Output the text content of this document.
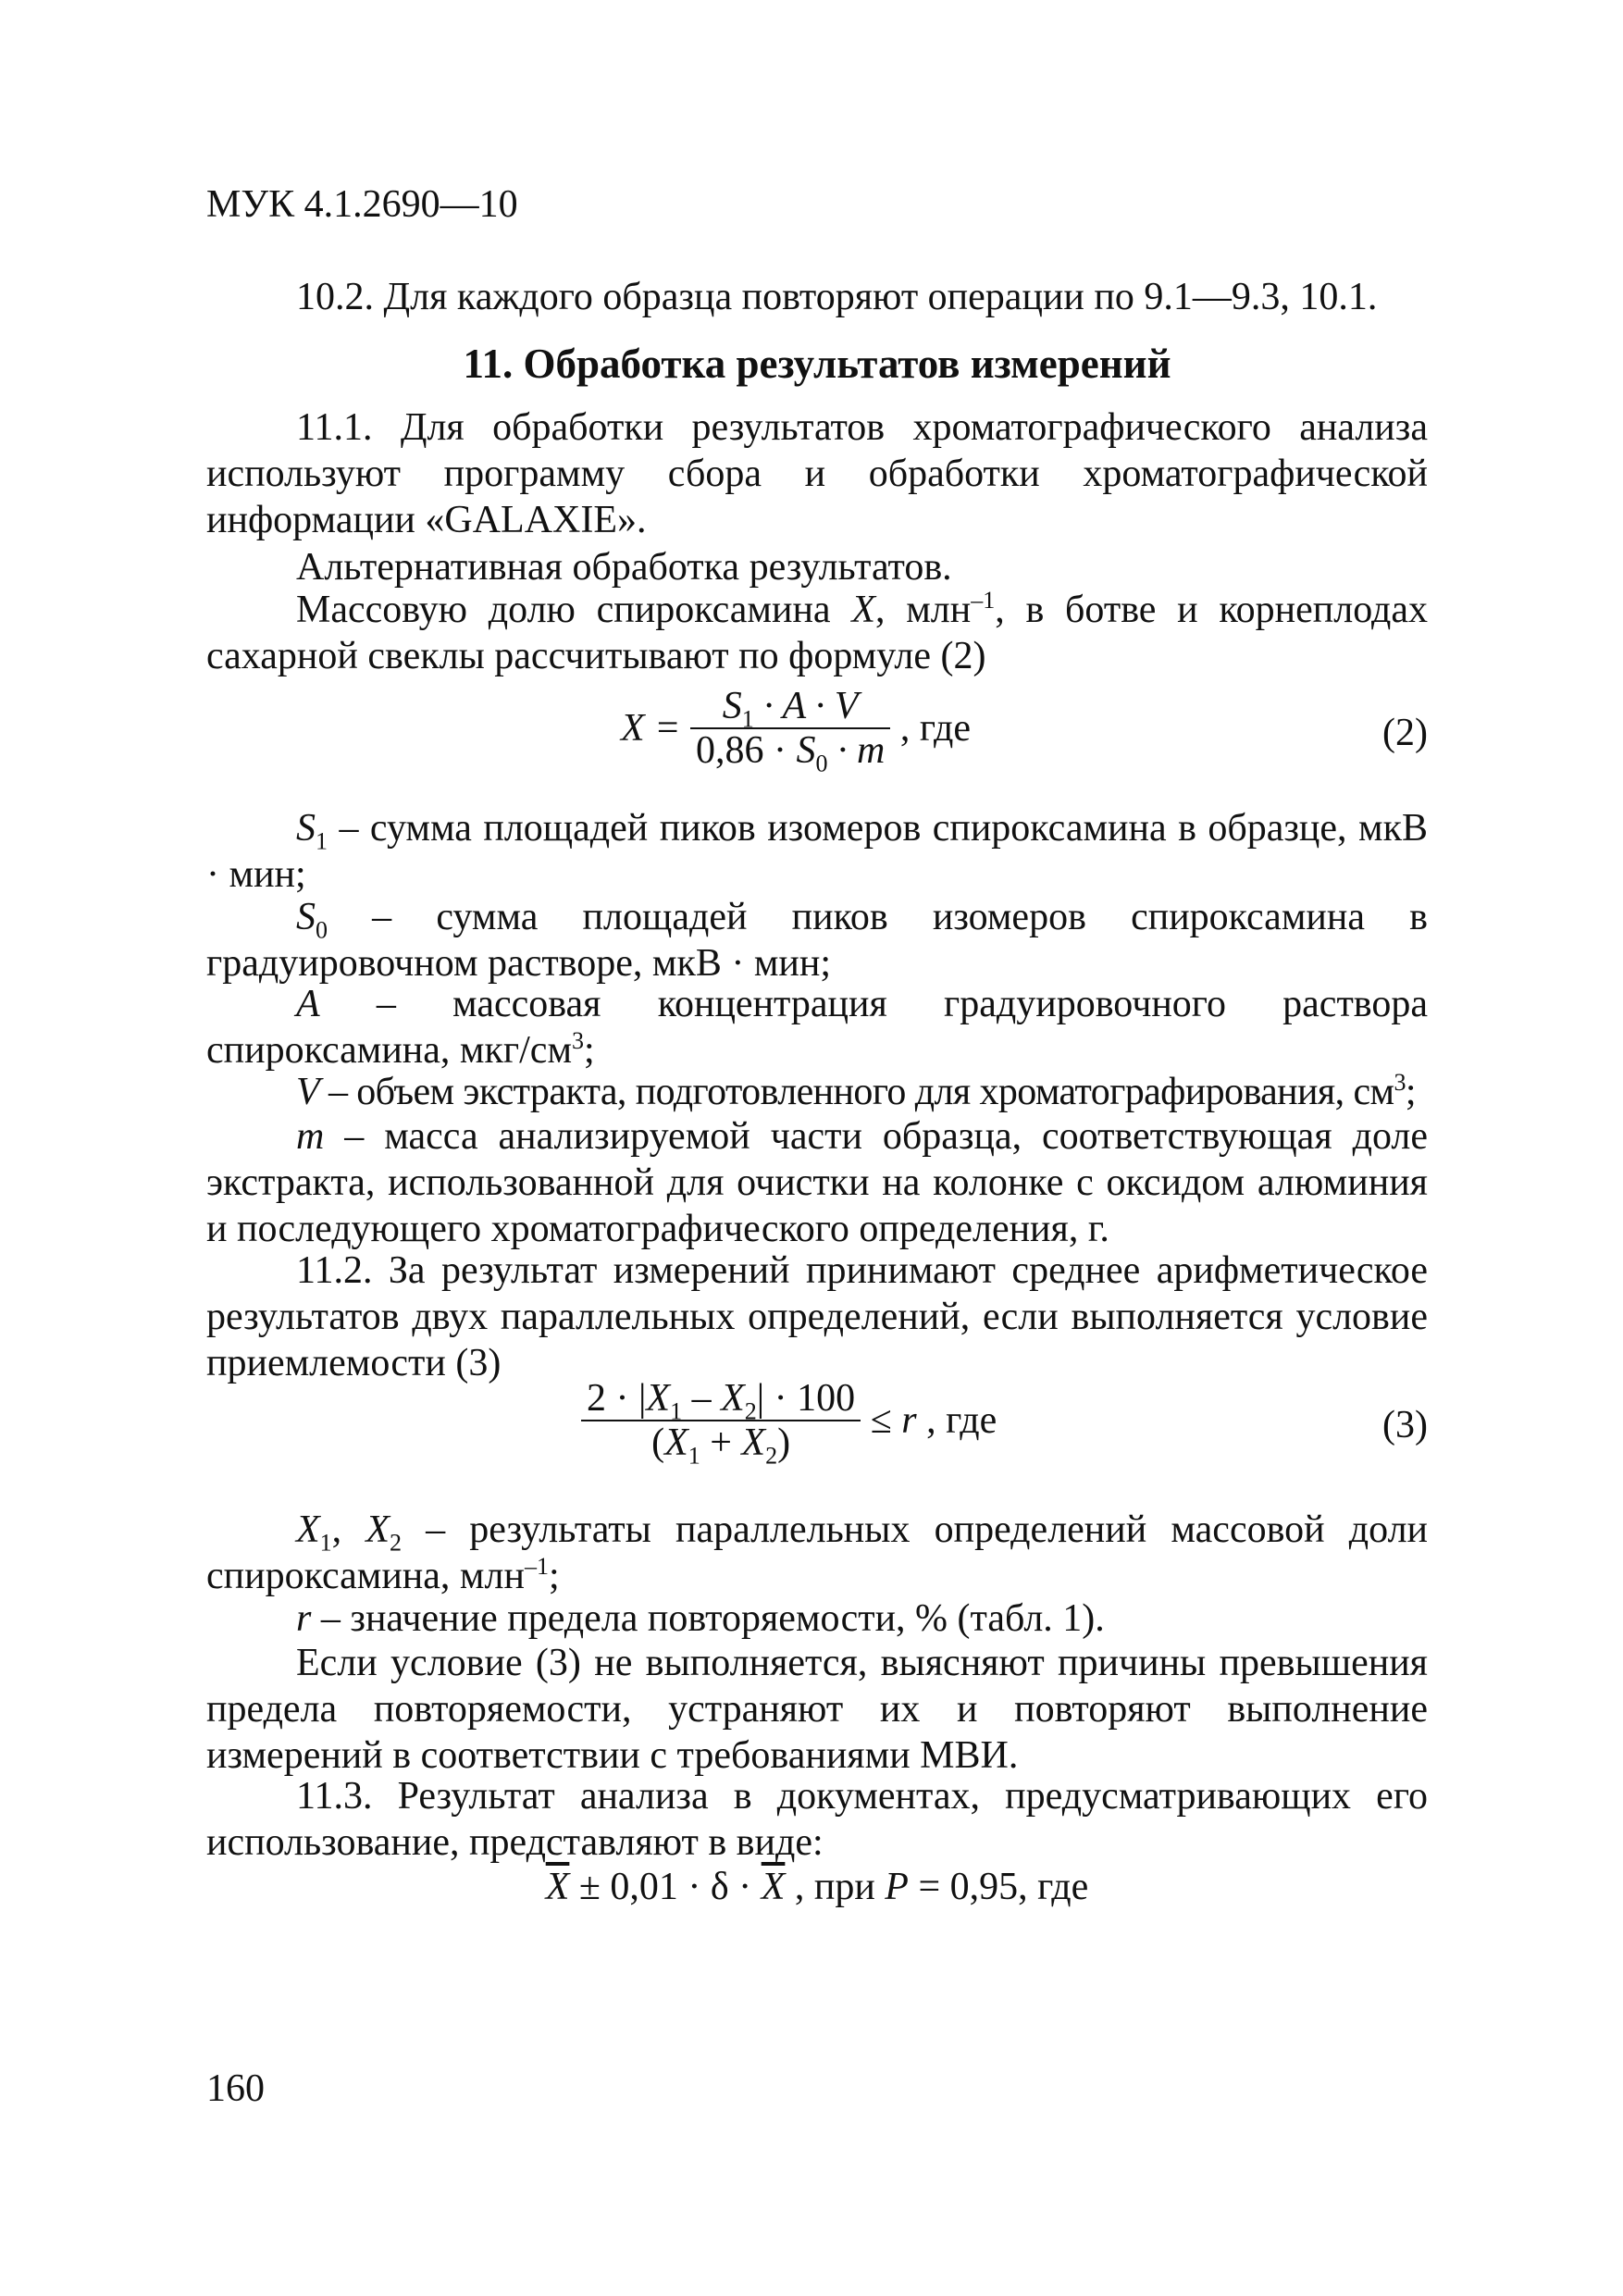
МУК 4.1.2690—10
10.2. Для каждого образца повторяют операции по 9.1—9.3, 10.1.
11. Обработка результатов измерений
11.1. Для обработки результатов хроматографического анализа используют программу сбора и обработки хроматографической информации «GALAXIE».
Альтернативная обработка результатов.
Массовую долю спироксамина X, млн$^{-1}$, в ботве и корнеплодах сахарной свеклы рассчитывают по формуле (2)
$X = \frac{S_1 \cdot A \cdot V}{0,86 \cdot S_0 \cdot m}$ , где	(2)
$S_1$ – сумма площадей пиков изомеров спироксамина в образце, мкВ · мин;
$S_0$ – сумма площадей пиков изомеров спироксамина в градуировочном растворе, мкВ · мин;
A – массовая концентрация градуировочного раствора спироксамина, мкг/$см^3$;
V – объем экстракта, подготовленного для хроматографирования, $см^3$;
m – масса анализируемой части образца, соответствующая доле экстракта, использованной для очистки на колонке с оксидом алюминия и последующего хроматографического определения, г.
11.2. За результат измерений принимают среднее арифметическое результатов двух параллельных определений, если выполняется условие приемлемости (3)
$\frac{2 \cdot |X_1 - X_2| \cdot 100}{(X_1 + X_2)} \le r$ , где	(3)
$X_1$, $X_2$ – результаты параллельных определений массовой доли спироксамина, млн$^{-1}$;
r – значение предела повторяемости, % (табл. 1).
Если условие (3) не выполняется, выясняют причины превышения предела повторяемости, устраняют их и повторяют выполнение измерений в соответствии с требованиями МВИ.
11.3. Результат анализа в документах, предусматривающих его использование, представляют в виде:
$\overline{X} \pm 0,01 \cdot \delta \cdot \overline{X}$ , при P = 0,95, где
160
